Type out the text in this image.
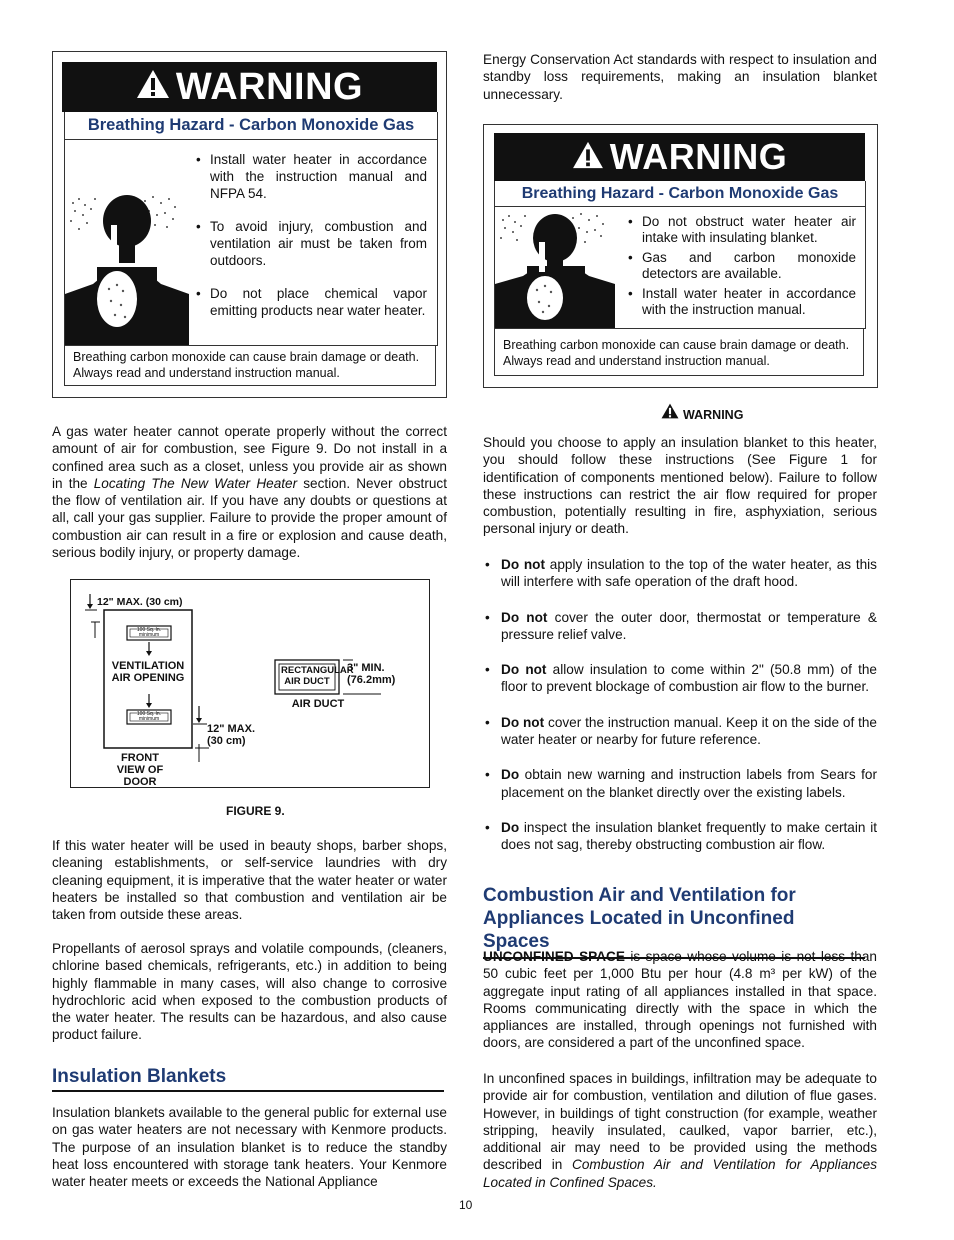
WARNING
Breathing Hazard - Carbon Monoxide Gas
• Install water heater in accordance with the instruction manual and NFPA 54.
• To avoid injury, combustion and ventilation air must be taken from outdoors.
• Do not place chemical vapor emitting products near water heater.
Breathing carbon monoxide can cause brain damage or death. Always read and understand instruction manual.

A gas water heater cannot operate properly without the correct amount of air for combustion, see Figure 9. Do not install in a confined area such as a closet, unless you provide air as shown in the Locating The New Water Heater section. Never obstruct the flow of ventilation air. If you have any doubts or questions at all, call your gas supplier. Failure to provide the proper amount of combustion air can result in a fire or explosion and cause death, serious bodily injury, or property damage.

12" MAX. (30 cm)
100 Sq. In. minimum
VENTILATION AIR OPENING
100 Sq. In. minimum
12" MAX. (30 cm)
FRONT VIEW OF DOOR
RECTANGULAR AIR DUCT
3" MIN. (76.2mm)
AIR DUCT
FIGURE 9.

If this water heater will be used in beauty shops, barber shops, cleaning establishments, or self-service laundries with dry cleaning equipment, it is imperative that the water heater or water heaters be installed so that combustion and ventilation air be taken from outside these areas.

Propellants of aerosol sprays and volatile compounds, (cleaners, chlorine based chemicals, refrigerants, etc.) in addition to being highly flammable in many cases, will also change to corrosive hydrochloric acid when exposed to the combustion products of the water heater. The results can be hazardous, and also cause product failure.

Insulation Blankets

Insulation blankets available to the general public for external use on gas water heaters are not necessary with Kenmore products. The purpose of an insulation blanket is to reduce the standby heat loss encountered with storage tank heaters. Your Kenmore water heater meets or exceeds the National Appliance

Energy Conservation Act standards with respect to insulation and standby loss requirements, making an insulation blanket unnecessary.

WARNING
Breathing Hazard - Carbon Monoxide Gas
• Do not obstruct water heater air intake with insulating blanket.
• Gas and carbon monoxide detectors are available.
• Install water heater in accordance with the instruction manual.
Breathing carbon monoxide can cause brain damage or death. Always read and understand instruction manual.
WARNING

Should you choose to apply an insulation blanket to this heater, you should follow these instructions (See Figure 1 for identification of components mentioned below). Failure to follow these instructions can restrict the air flow required for proper combustion, potentially resulting in fire, asphyxiation, serious personal injury or death.

• Do not apply insulation to the top of the water heater, as this will interfere with safe operation of the draft hood.
• Do not cover the outer door, thermostat or temperature & pressure relief valve.
• Do not allow insulation to come within 2" (50.8 mm) of the floor to prevent blockage of combustion air flow to the burner.
• Do not cover the instruction manual. Keep it on the side of the water heater or nearby for future reference.
• Do obtain new warning and instruction labels from Sears for placement on the blanket directly over the existing labels.
• Do inspect the insulation blanket frequently to make certain it does not sag, thereby obstructing combustion air flow.
Combustion Air and Ventilation for Appliances Located in Unconfined Spaces

UNCONFINED SPACE is space whose volume is not less than 50 cubic feet per 1,000 Btu per hour (4.8 m³ per kW) of the aggregate input rating of all appliances installed in that space. Rooms communicating directly with the space in which the appliances are installed, through openings not furnished with doors, are considered a part of the unconfined space.

In unconfined spaces in buildings, infiltration may be adequate to provide air for combustion, ventilation and dilution of flue gases. However, in buildings of tight construction (for example, weather stripping, heavily insulated, caulked, vapor barrier, etc.), additional air may need to be provided using the methods described in Combustion Air and Ventilation for Appliances Located in Confined Spaces.

10
